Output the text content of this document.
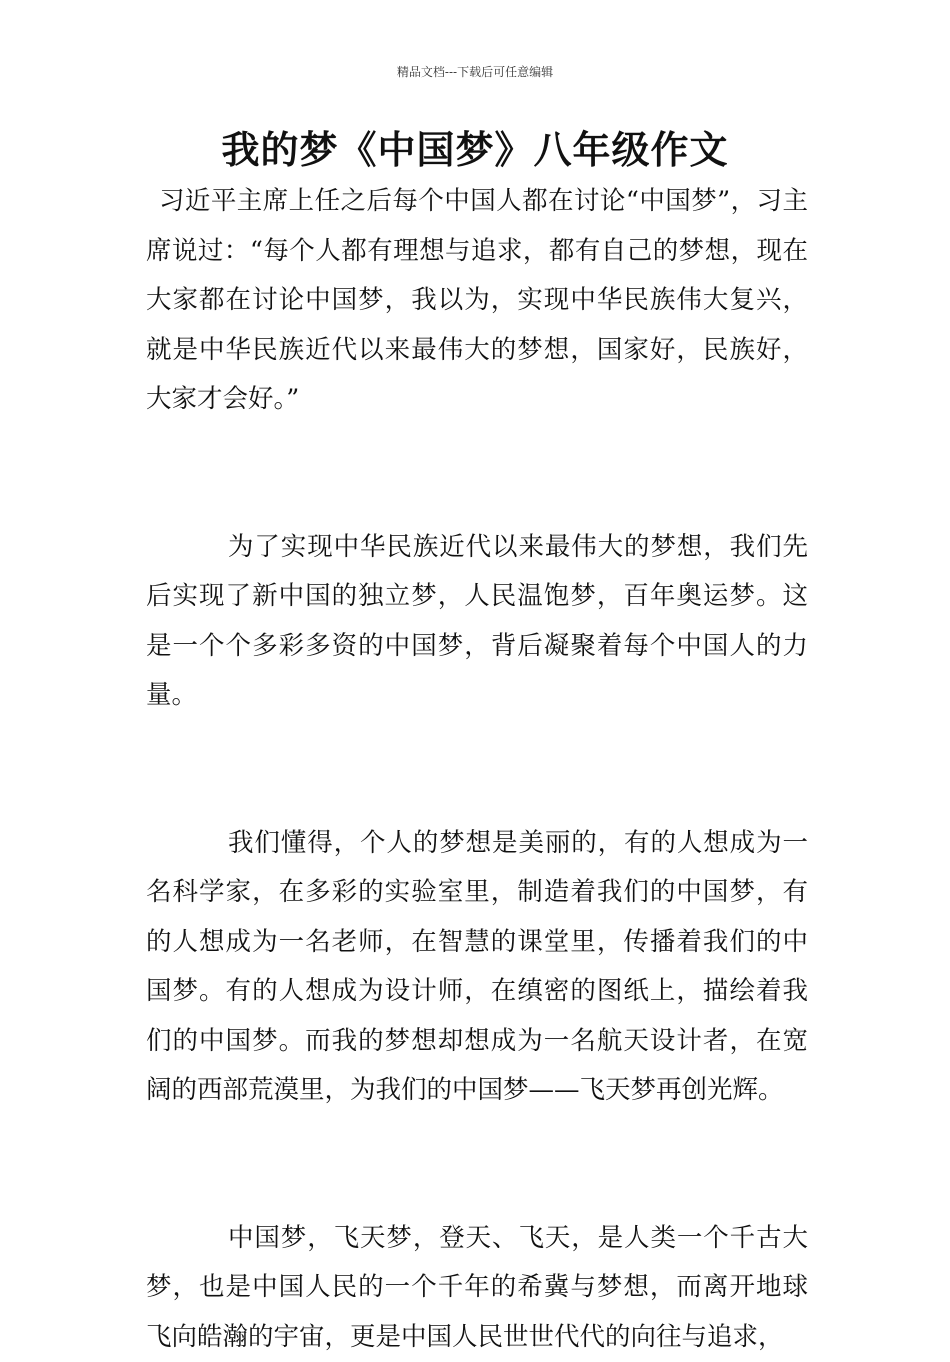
精品文档---下载后可任意编辑
我的梦《中国梦》八年级作文

习近平主席上任之后每个中国人都在讨论“中国梦”，习主席说过：“每个人都有理想与追求，都有自己的梦想，现在大家都在讨论中国梦，我以为，实现中华民族伟大复兴，就是中华民族近代以来最伟大的梦想，国家好，民族好，大家才会好。”

为了实现中华民族近代以来最伟大的梦想，我们先后实现了新中国的独立梦，人民温饱梦，百年奥运梦。这是一个个多彩多资的中国梦，背后凝聚着每个中国人的力量。

我们懂得，个人的梦想是美丽的，有的人想成为一名科学家，在多彩的实验室里，制造着我们的中国梦，有的人想成为一名老师，在智慧的课堂里，传播着我们的中国梦。有的人想成为设计师，在缜密的图纸上，描绘着我们的中国梦。而我的梦想却想成为一名航天设计者，在宽阔的西部荒漠里，为我们的中国梦——飞天梦再创光辉。

中国梦，飞天梦，登天、飞天，是人类一个千古大梦，也是中国人民的一个千年的希冀与梦想，而离开地球飞向皓瀚的宇宙，更是中国人民世世代代的向往与追求，
